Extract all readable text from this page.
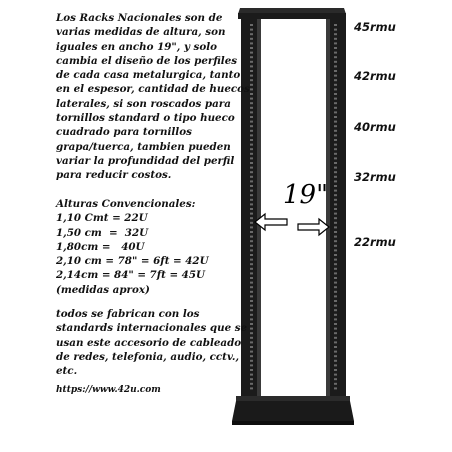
Los Racks Nacionales son de
varias medidas de altura, son
iguales en ancho 19", y solo
cambia el diseño de los perfiles
de cada casa metalurgica, tanto
en el espesor, cantidad de huecos
laterales, si son roscados para
tornillos standard o tipo hueco
cuadrado para tornillos
grapa/tuerca, tambien pueden
variar la profundidad del perfil
para reducir costos.
Alturas Convencionales:
1,10 Cmt = 22U
1,50 cm  =  32U
1,80cm =   40U
2,10 cm = 78" = 6ft = 42U
2,14cm = 84" = 7ft = 45U
(medidas aprox)
todos se fabrican con los
standards internacionales que se
usan este accesorio de cableado
de redes, telefonia, audio, cctv.,
etc.
https://www.42u.com
45rmu
42rmu
40rmu
32rmu
22rmu
19"
